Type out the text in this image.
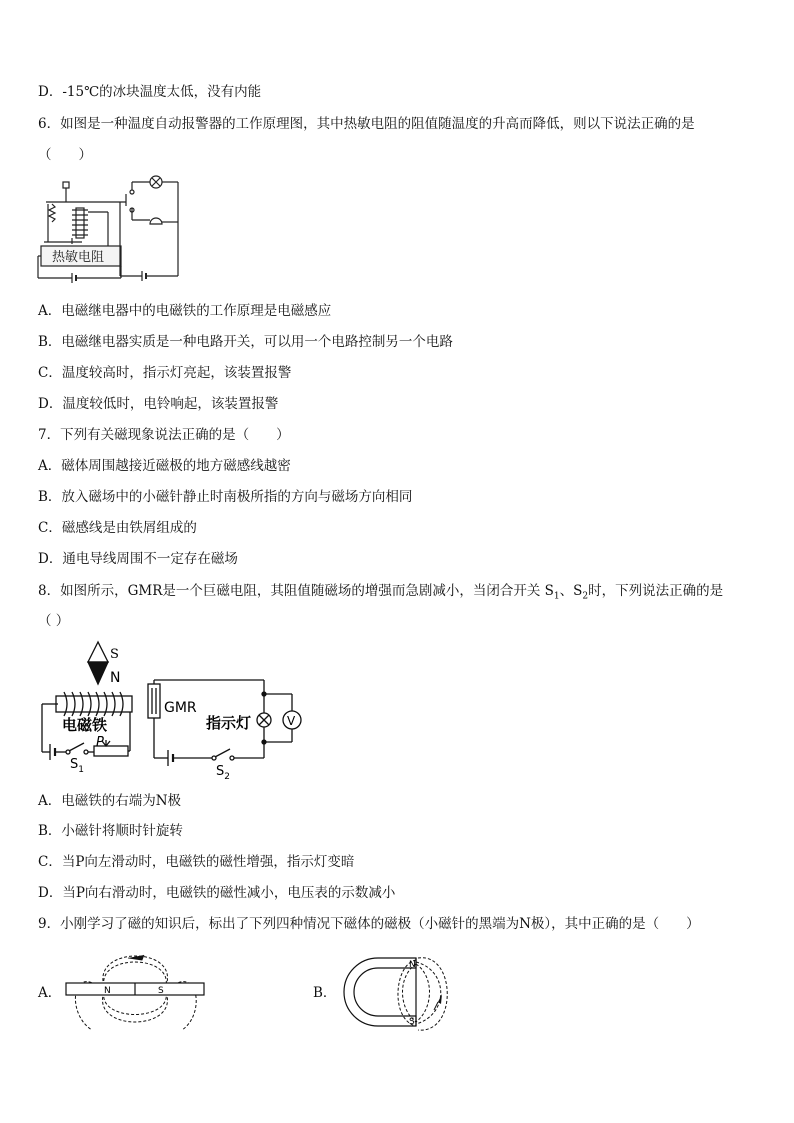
D．-15℃的冰块温度太低，没有内能
6．如图是一种温度自动报警器的工作原理图，其中热敏电阻的阻值随温度的升高而降低，则以下说法正确的是
（　　）
热敏电阻
A．电磁继电器中的电磁铁的工作原理是电磁感应
B．电磁继电器实质是一种电路开关，可以用一个电路控制另一个电路
C．温度较高时，指示灯亮起，该装置报警
D．温度较低时，电铃响起，该装置报警
7．下列有关磁现象说法正确的是（　　）
A．磁体周围越接近磁极的地方磁感线越密
B．放入磁场中的小磁针静止时南极所指的方向与磁场方向相同
C．磁感线是由铁屑组成的
D．通电导线周围不一定存在磁场
8．如图所示，GMR是一个巨磁电阻，其阻值随磁场的增强而急剧减小，当闭合开关 $S_1$、$S_2$时，下列说法正确的是
（ ）
S
N
GMR
电磁铁	指示灯	V
P
$S_1$	$S_2$
A．电磁铁的右端为N极
B．小磁针将顺时针旋转
C．当P向左滑动时，电磁铁的磁性增强，指示灯变暗
D．当P向右滑动时，电磁铁的磁性减小，电压表的示数减小
9．小刚学习了磁的知识后，标出了下列四种情况下磁体的磁极（小磁针的黑端为N极），其中正确的是（　　）
A．	N	S	B．
N
S
